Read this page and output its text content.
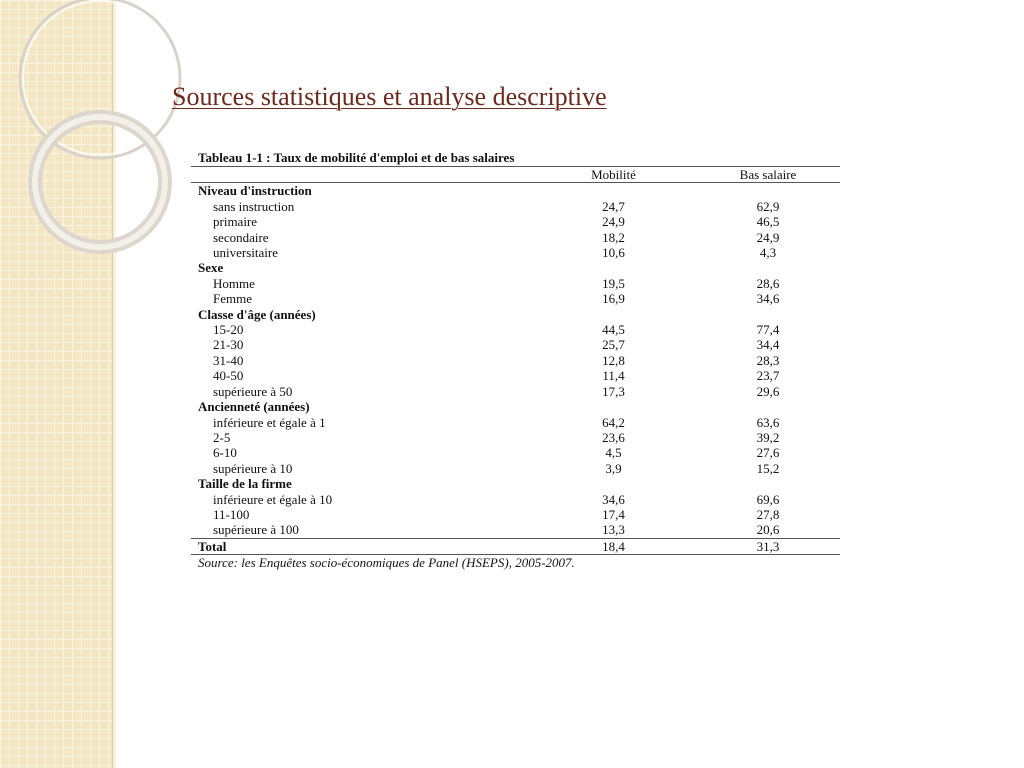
Sources statistiques et analyse descriptive
Tableau 1-1 : Taux de mobilité d'emploi et de bas salaires
	Mobilité	Bas salaire
Niveau d'instruction		
sans instruction	24,7	62,9
primaire	24,9	46,5
secondaire	18,2	24,9
universitaire	10,6	4,3
Sexe		
Homme	19,5	28,6
Femme	16,9	34,6
Classe d'âge (années)		
15-20	44,5	77,4
21-30	25,7	34,4
31-40	12,8	28,3
40-50	11,4	23,7
supérieure à 50	17,3	29,6
Ancienneté (années)		
inférieure et égale à 1	64,2	63,6
2-5	23,6	39,2
6-10	4,5	27,6
supérieure à 10	3,9	15,2
Taille de la firme		
inférieure et égale à 10	34,6	69,6
11-100	17,4	27,8
supérieure à 100	13,3	20,6
Total	18,4	31,3
Source: les Enquêtes socio-économiques de Panel (HSEPS), 2005-2007.
